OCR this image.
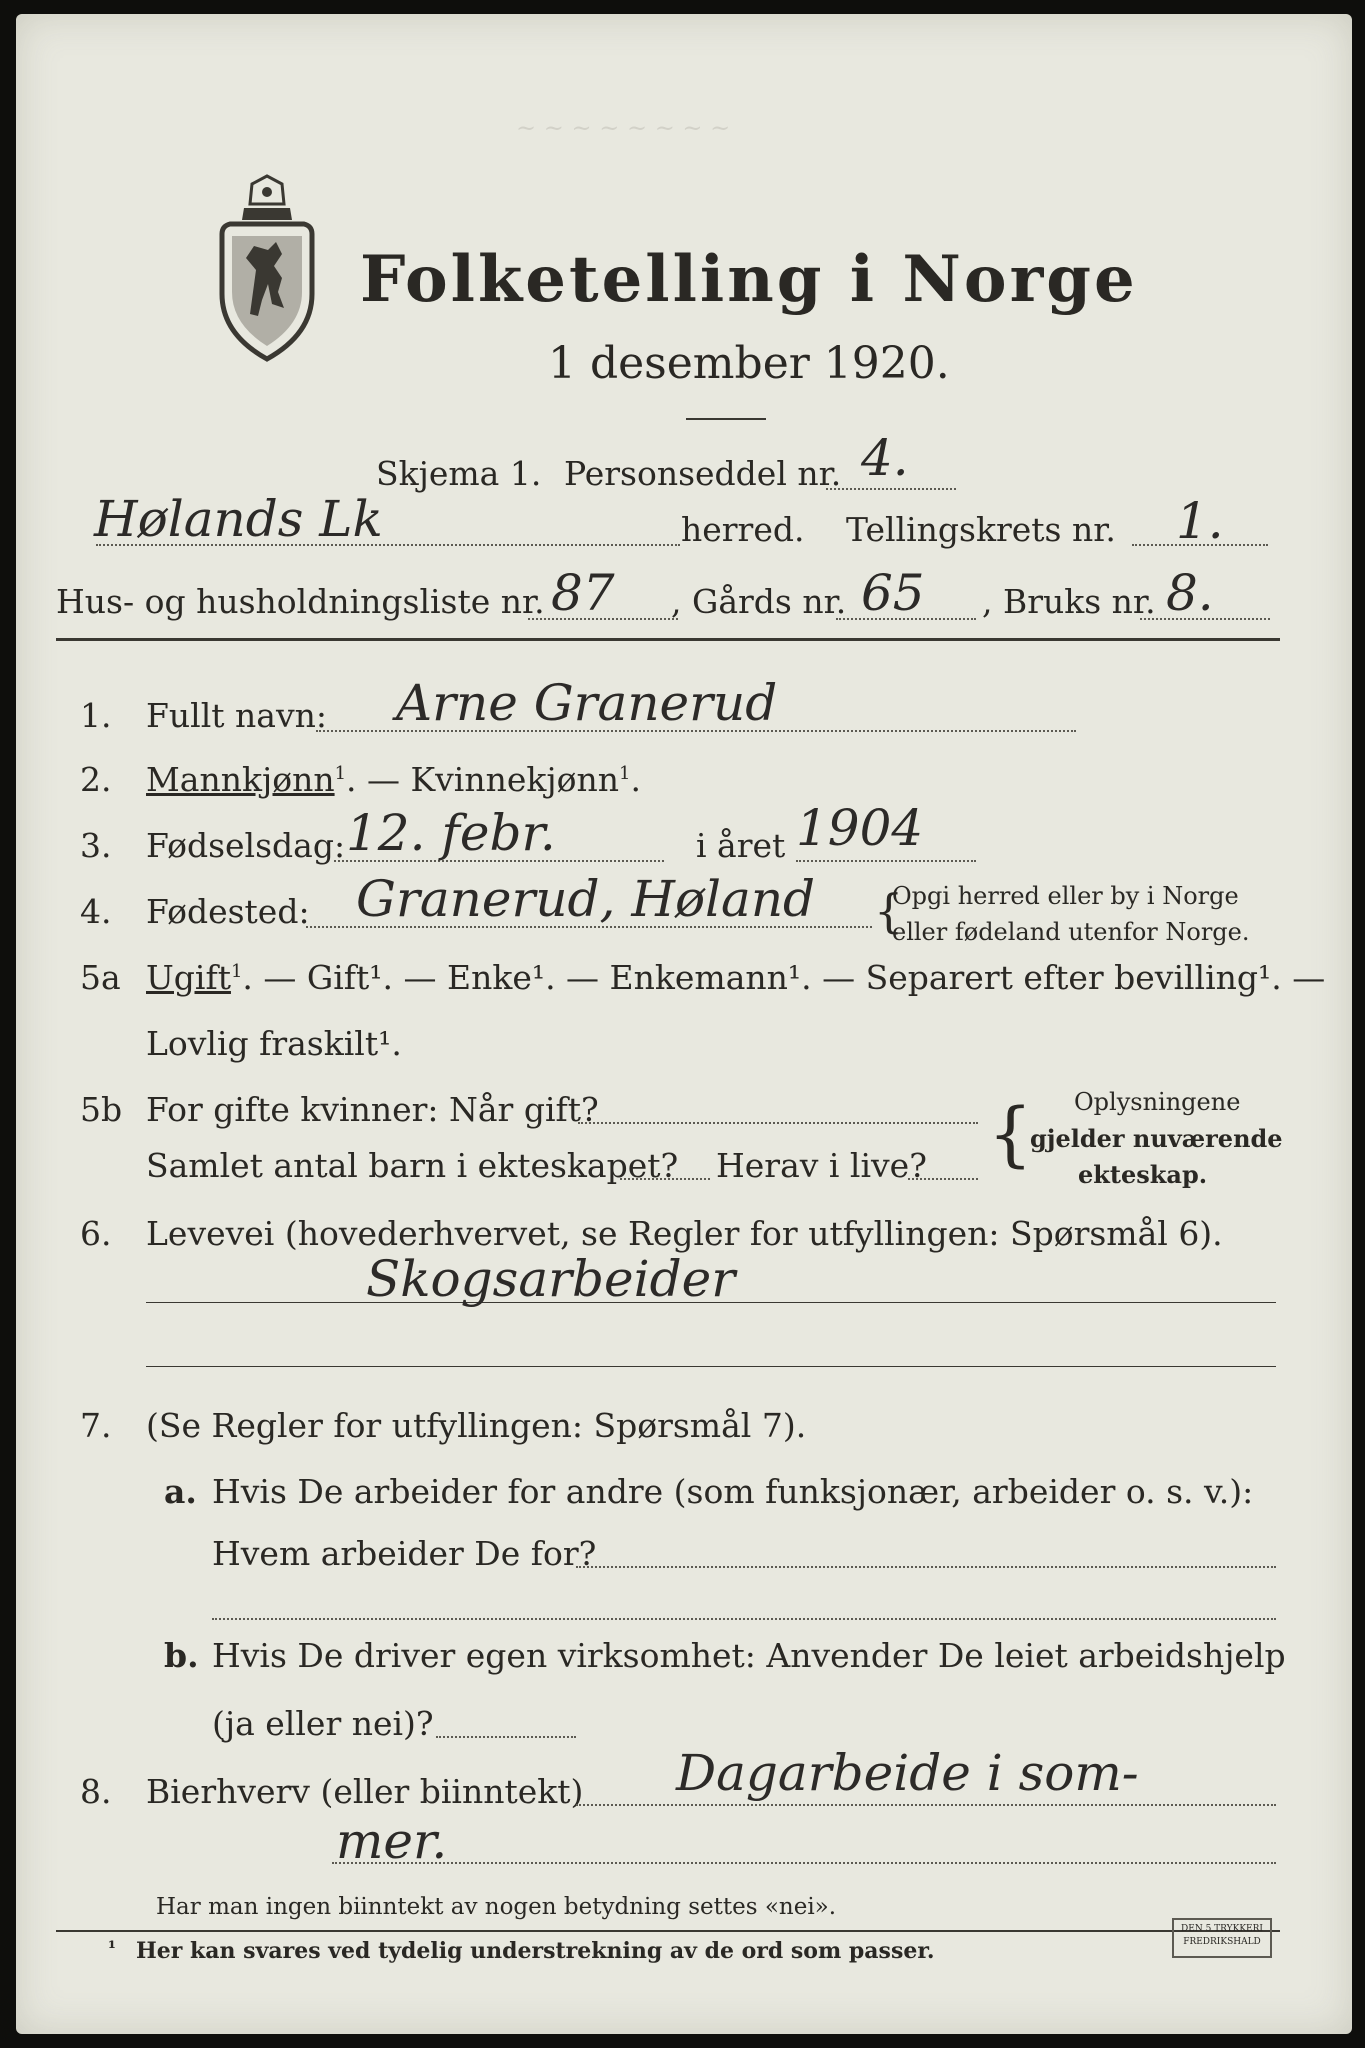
~ ~ ~ ~ ~ ~ ~ ~
Folketelling i Norge
1 desember 1920.
Skjema 1. Personseddel nr. 4.
Hølands Lk	herred. Tellingskrets nr. 1.
Hus- og husholdningsliste nr. 87 , Gårds nr. 65 , Bruks nr. 8.
1. Fullt navn: Arne Granerud
2. Mannkjønn$^1$. — Kvinnekjønn$^1$.
3. Fødselsdag: 12. febr.	i året 1904
4. Fødested: Granerud, Høland {
Opgi herred eller by i Norge
eller fødeland utenfor Norge.
5a Ugift$^1$. — Gift¹. — Enke¹. — Enkemann¹. — Separert efter bevilling¹. —
Lovlig fraskilt¹.
5b For gifte kvinner: Når gift?
Samlet antal barn i ekteskapet? Herav i live? { Oplysningene
gjelder nuværende
ekteskap.
6. Levevei (hovederhvervet, se Regler for utfyllingen: Spørsmål 6).
Skogsarbeider
7. (Se Regler for utfyllingen: Spørsmål 7).
a. Hvis De arbeider for andre (som funksjonær, arbeider o. s. v.):
Hvem arbeider De for?
b. Hvis De driver egen virksomhet: Anvender De leiet arbeidshjelp
(ja eller nei)?
8. Bierhverv (eller biinntekt) Dagarbeide i som-
mer.
Har man ingen biinntekt av nogen betydning settes «nei».
¹ Her kan svares ved tydelig understrekning av de ord som passer.
DEN 5 TRYKKERI
FREDRIKSHALD
